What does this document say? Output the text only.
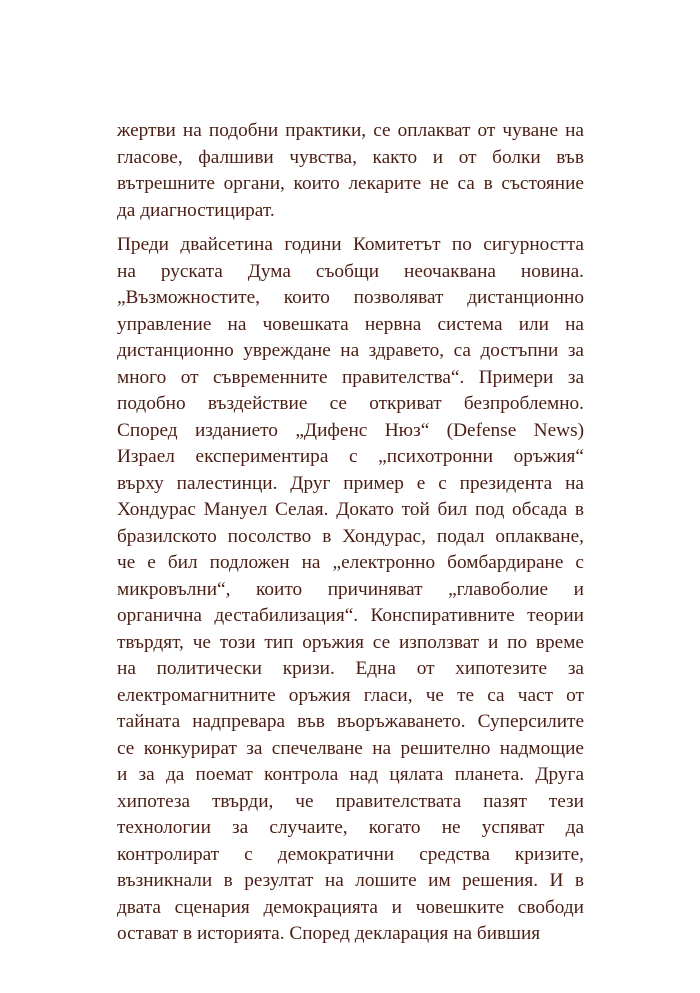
жертви на подобни практики, се оплакват от чуване на
гласове, фалшиви чувства, както и от болки във
вътрешните органи, които лекарите не са в състояние
да диагностицират.
Преди двайсетина години Комитетът по сигурността
на руската Дума съобщи неочаквана новина.
„Възможностите, които позволяват дистанционно
управление на човешката нервна система или на
дистанционно увреждане на здравето, са достъпни за
много от съвременните правителства“. Примери за
подобно въздействие се откриват безпроблемно.
Според изданието „Дифенс Нюз“ (Defense News)
Израел експериментира с „психотронни оръжия“
върху палестинци. Друг пример е с президента на
Хондурас Мануел Селая. Докато той бил под обсада в
бразилското посолство в Хондурас, подал оплакване,
че е бил подложен на „електронно бомбардиране с
микровълни“, които причиняват „главоболие и
органична дестабилизация“. Конспиративните теории
твърдят, че този тип оръжия се използват и по време
на политически кризи. Една от хипотезите за
електромагнитните оръжия гласи, че те са част от
тайната надпревара във въоръжаването. Суперсилите
се конкурират за спечелване на решително надмощие
и за да поемат контрола над цялата планета. Друга
хипотеза твърди, че правителствата пазят тези
технологии за случаите, когато не успяват да
контролират с демократични средства кризите,
възникнали в резултат на лошите им решения. И в
двата сценария демокрацията и човешките свободи
остават в историята. Според декларация на бившия
